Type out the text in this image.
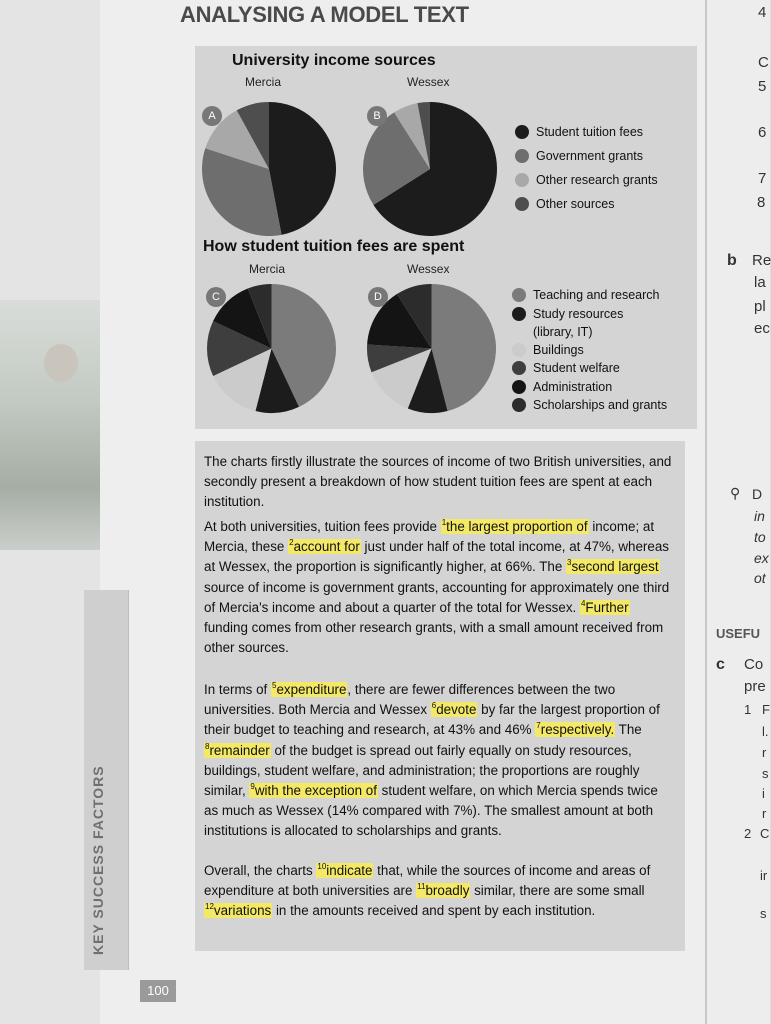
KEY SUCCESS FACTORS
ANALYSING A MODEL TEXT
University income sources
Mercia	Wessex
A	B
Student tuition fees
Government grants
Other research grants
Other sources
How student tuition fees are spent
Mercia	Wessex
C	D	Teaching and research
Study resources
(library, IT)
Buildings
Student welfare
Administration
Scholarships and grants
The charts firstly illustrate the sources of income of two British universities, and secondly present a breakdown of how student tuition fees are spent at each institution.
At both universities, tuition fees provide $^1$the largest proportion of income; at Mercia, these $^2$account for just under half of the total income, at 47%, whereas at Wessex, the proportion is significantly higher, at 66%. The $^3$second largest source of income is government grants, accounting for approximately one third of Mercia's income and about a quarter of the total for Wessex. $^4$Further funding comes from other research grants, with a small amount received from other sources.
In terms of $^5$expenditure, there are fewer differences between the two universities. Both Mercia and Wessex $^6$devote by far the largest proportion of their budget to teaching and research, at 43% and 46% $^7$respectively. The $^8$remainder of the budget is spread out fairly equally on study resources, buildings, student welfare, and administration; the proportions are roughly similar, $^9$with the exception of student welfare, on which Mercia spends twice as much as Wessex (14% compared with 7%). The smallest amount at both institutions is allocated to scholarships and grants.
Overall, the charts $^{10}$indicate that, while the sources of income and areas of expenditure at both universities are $^{11}$broadly similar, there are some small $^{12}$variations in the amounts received and spent by each institution.
100
4
C
5
6
7
8
b Re
la
pl
ec
⚲ D
in
to
ex
ot
USEFU
c Co
pre
1 F
l.
r
s
i
r
2 C
ir
s
